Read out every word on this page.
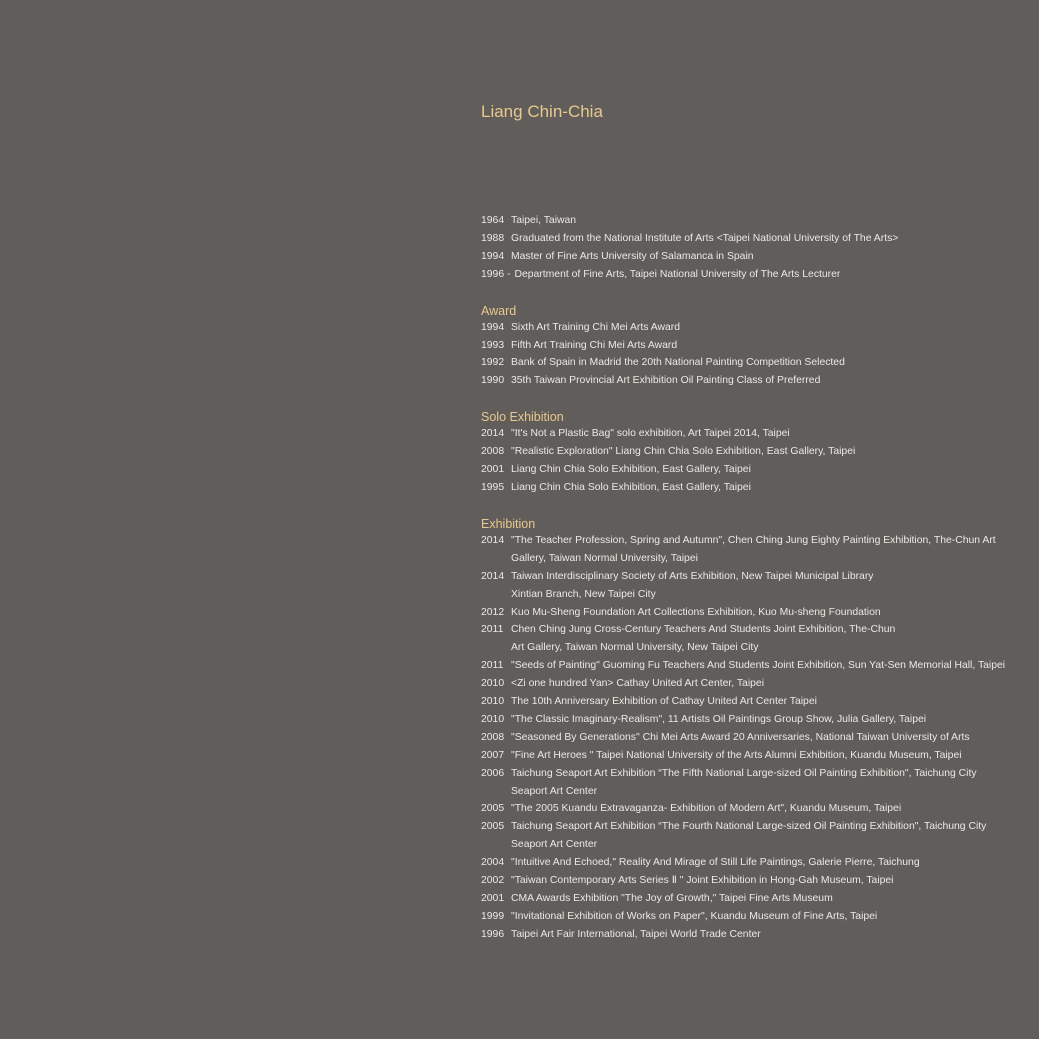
Liang Chin-Chia
1964 Taipei, Taiwan
1988 Graduated from the National Institute of Arts <Taipei National University of The Arts>
1994 Master of Fine Arts University of Salamanca in Spain
1996 - Department of Fine Arts, Taipei National University of The Arts Lecturer
Award
1994 Sixth Art Training Chi Mei Arts Award
1993 Fifth Art Training Chi Mei Arts Award
1992 Bank of Spain in Madrid the 20th National Painting Competition Selected
1990 35th Taiwan Provincial Art Exhibition Oil Painting Class of Preferred
Solo Exhibition
2014 "It's Not a Plastic Bag" solo exhibition, Art Taipei 2014, Taipei
2008 "Realistic Exploration" Liang Chin Chia Solo Exhibition, East Gallery, Taipei
2001 Liang Chin Chia Solo Exhibition, East Gallery, Taipei
1995 Liang Chin Chia Solo Exhibition, East Gallery, Taipei
Exhibition
2014 "The Teacher Profession, Spring and Autumn", Chen Ching Jung Eighty Painting Exhibition, The-Chun Art
Gallery, Taiwan Normal University, Taipei
2014 Taiwan Interdisciplinary Society of Arts Exhibition, New Taipei Municipal Library
Xintian Branch, New Taipei City
2012 Kuo Mu-Sheng Foundation Art Collections Exhibition, Kuo Mu-sheng Foundation
2011 Chen Ching Jung Cross-Century Teachers And Students Joint Exhibition, The-Chun
Art Gallery, Taiwan Normal University, New Taipei City
2011 "Seeds of Painting" Guoming Fu Teachers And Students Joint Exhibition, Sun Yat-Sen Memorial Hall, Taipei
2010 <Zi one hundred Yan> Cathay United Art Center, Taipei
2010 The 10th Anniversary Exhibition of Cathay United Art Center Taipei
2010 "The Classic Imaginary-Realism", 11 Artists Oil Paintings Group Show, Julia Gallery, Taipei
2008 "Seasoned By Generations" Chi Mei Arts Award 20 Anniversaries, National Taiwan University of Arts
2007 "Fine Art Heroes " Taipei National University of the Arts Alumni Exhibition, Kuandu Museum, Taipei
2006 Taichung Seaport Art Exhibition “The Fifth National Large-sized Oil Painting Exhibition", Taichung City
Seaport Art Center
2005 "The 2005 Kuandu Extravaganza- Exhibition of Modern Art", Kuandu Museum, Taipei
2005 Taichung Seaport Art Exhibition “The Fourth National Large-sized Oil Painting Exhibition", Taichung City
Seaport Art Center
2004 "Intuitive And Echoed," Reality And Mirage of Still Life Paintings, Galerie Pierre, Taichung
2002 "Taiwan Contemporary Arts Series Ⅱ " Joint Exhibition in Hong-Gah Museum, Taipei
2001 CMA Awards Exhibition "The Joy of Growth," Taipei Fine Arts Museum
1999 "Invitational Exhibition of Works on Paper", Kuandu Museum of Fine Arts, Taipei
1996 Taipei Art Fair International, Taipei World Trade Center
